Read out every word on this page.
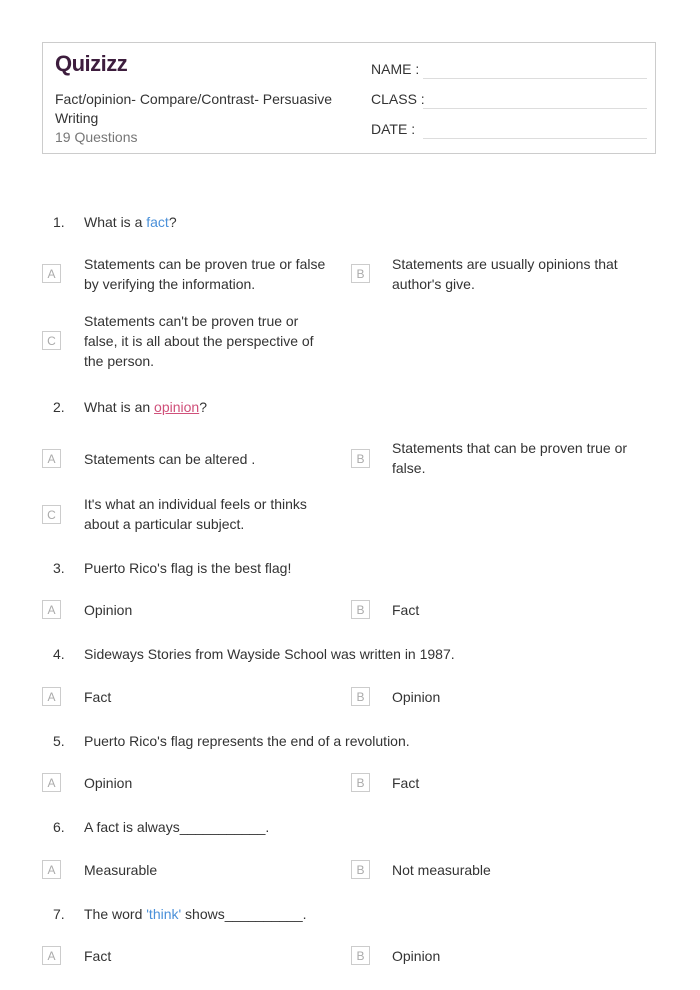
Quizizz
Fact/opinion- Compare/Contrast- Persuasive Writing
19 Questions
NAME :
CLASS :
DATE :
1. What is a fact?
A
Statements can be proven true or false by verifying the information.
B
Statements are usually opinions that author's give.
C
Statements can't be proven true or false, it is all about the perspective of the person.
2. What is an opinion?
A	Statements can be altered .	B
Statements that can be proven true or false.
C
It's what an individual feels or thinks about a particular subject.
3. Puerto Rico's flag is the best flag!
A	Opinion	B	Fact
4. Sideways Stories from Wayside School was written in 1987.
A	Fact	B	Opinion
5. Puerto Rico's flag represents the end of a revolution.
A	Opinion	B	Fact
6. A fact is always___________.
A	Measurable	B	Not measurable
7. The word 'think' shows__________.
A	Fact	B	Opinion
